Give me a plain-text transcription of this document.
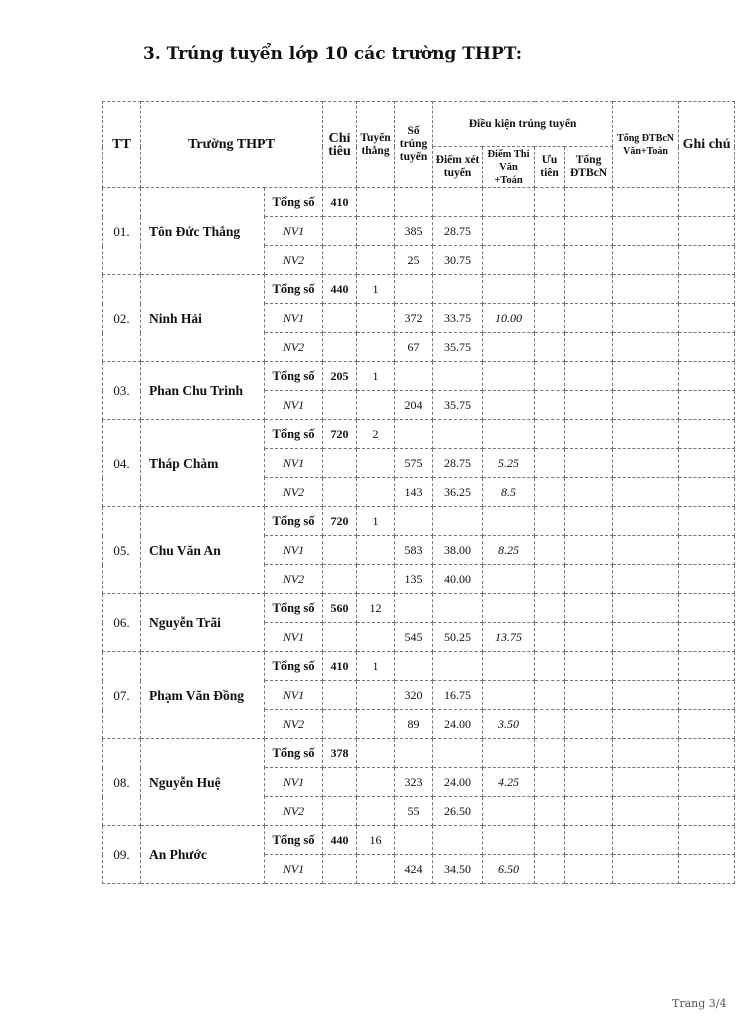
3. Trúng tuyển lớp 10 các trường THPT:
TT	Trường THPT		Chỉ tiêu	Tuyển thẳng	Số trúng tuyển	Điều kiện trúng tuyển				Tổng ĐTBcN Văn+Toán	Ghi chú
						Điểm xét tuyển	Điểm Thi Văn +Toán	Ưu tiên	Tổng ĐTBcN		
01.	Tôn Đức Thắng	Tổng số	410								
		NV1			385	28.75					
		NV2			25	30.75					
02.	Ninh Hải	Tổng số	440	1							
		NV1			372	33.75	10.00				
		NV2			67	35.75					
03.	Phan Chu Trinh	Tổng số	205	1							
		NV1			204	35.75					
04.	Tháp Chàm	Tổng số	720	2							
		NV1			575	28.75	5.25				
		NV2			143	36.25	8.5				
05.	Chu Văn An	Tổng số	720	1							
		NV1			583	38.00	8.25				
		NV2			135	40.00					
06.	Nguyễn Trãi	Tổng số	560	12							
		NV1			545	50.25	13.75				
07.	Phạm Văn Đồng	Tổng số	410	1							
		NV1			320	16.75					
		NV2			89	24.00	3.50				
08.	Nguyễn Huệ	Tổng số	378								
		NV1			323	24.00	4.25				
		NV2			55	26.50					
09.	An Phước	Tổng số	440	16							
		NV1			424	34.50	6.50				
Trang 3/4
